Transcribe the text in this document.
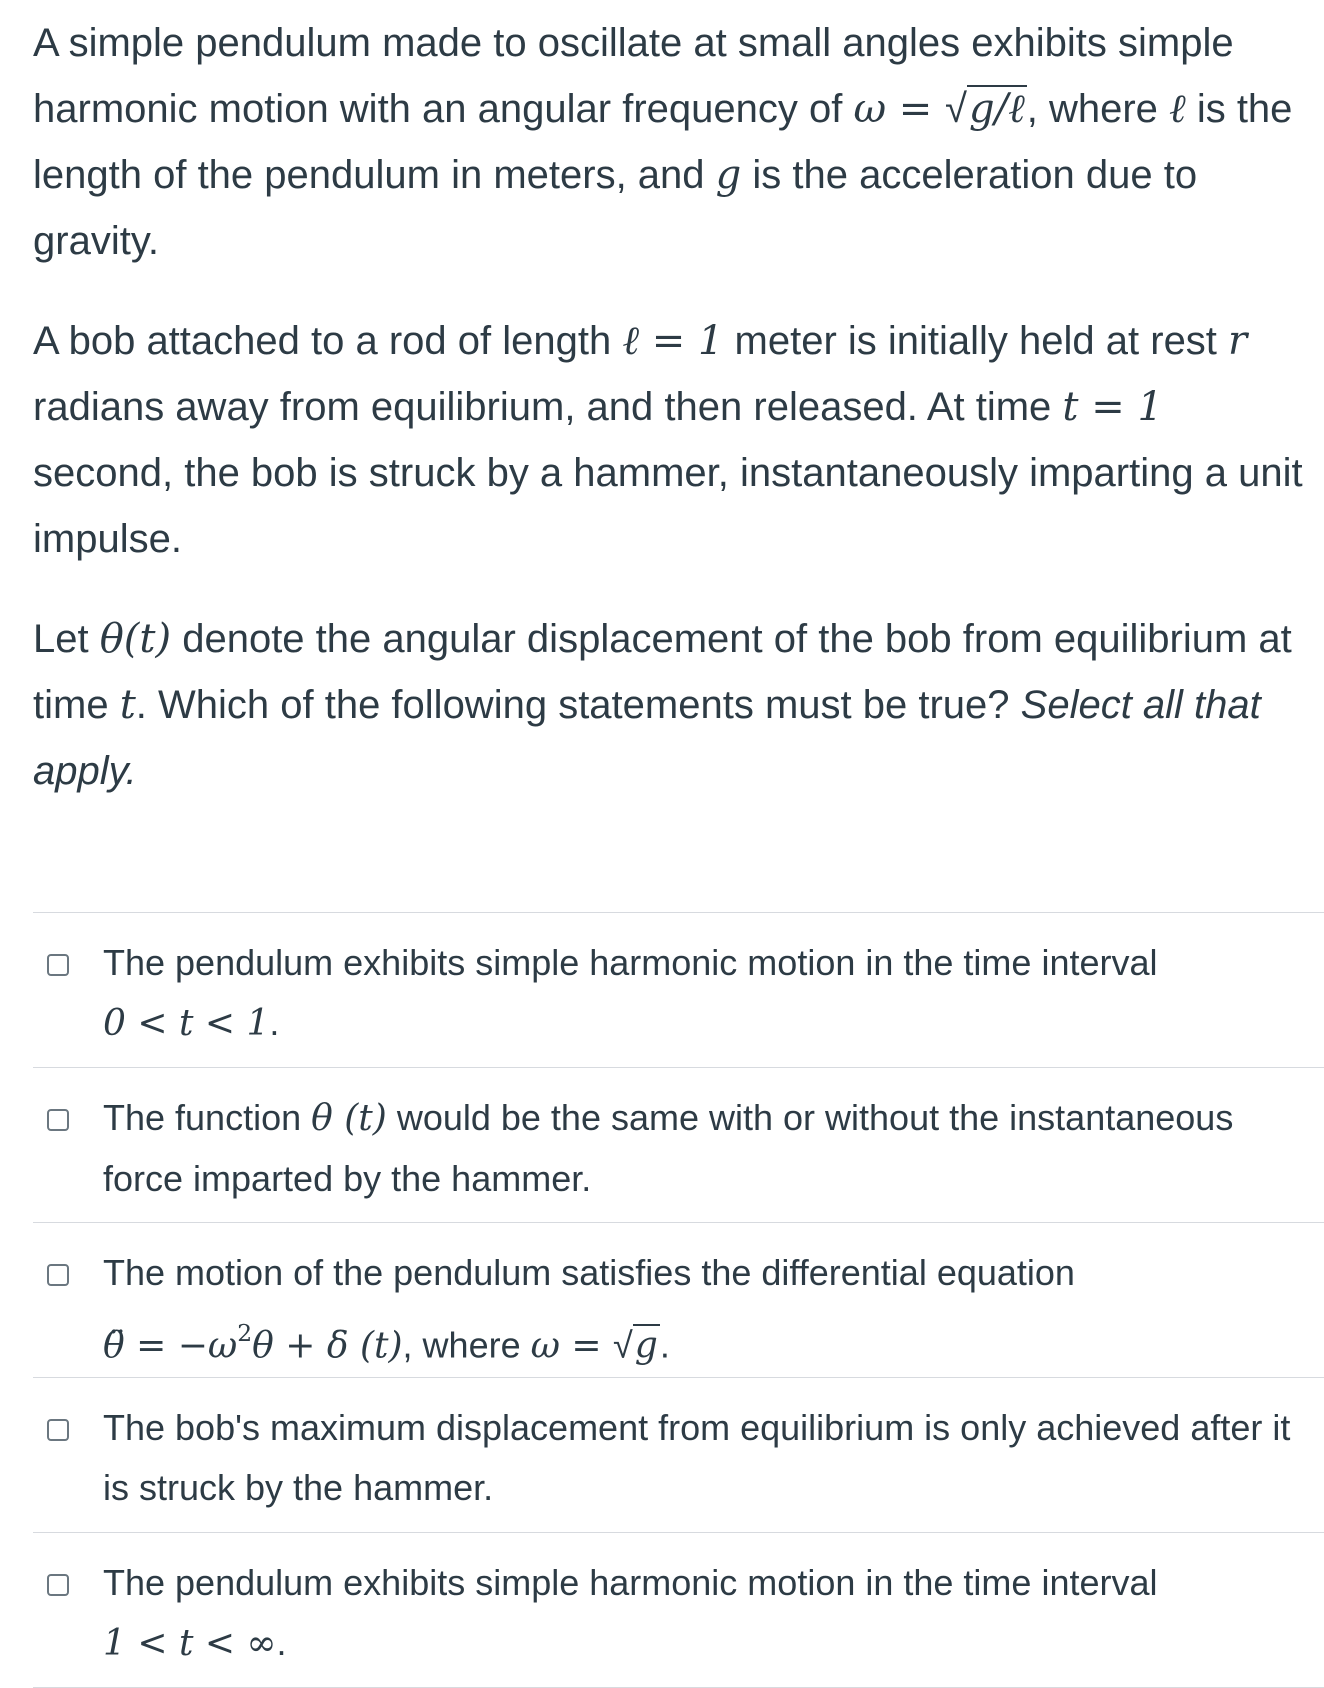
A simple pendulum made to oscillate at small angles exhibits simple harmonic motion with an angular frequency of ω = √g/ℓ, where ℓ is the length of the pendulum in meters, and g is the acceleration due to gravity.

A bob attached to a rod of length ℓ = 1 meter is initially held at rest r radians away from equilibrium, and then released. At time t = 1 second, the bob is struck by a hammer, instantaneously imparting a unit impulse.

Let θ(t) denote the angular displacement of the bob from equilibrium at time t. Which of the following statements must be true? Select all that apply.

The pendulum exhibits simple harmonic motion in the time interval
0 < t < 1.
The function θ (t) would be the same with or without the instantaneous force imparted by the hammer.
The motion of the pendulum satisfies the differential equation
θ̈ = $-\omega^2\theta + \delta$ (t), where ω = √g.
The bob's maximum displacement from equilibrium is only achieved after it is struck by the hammer.
The pendulum exhibits simple harmonic motion in the time interval
1 < t < ∞.
